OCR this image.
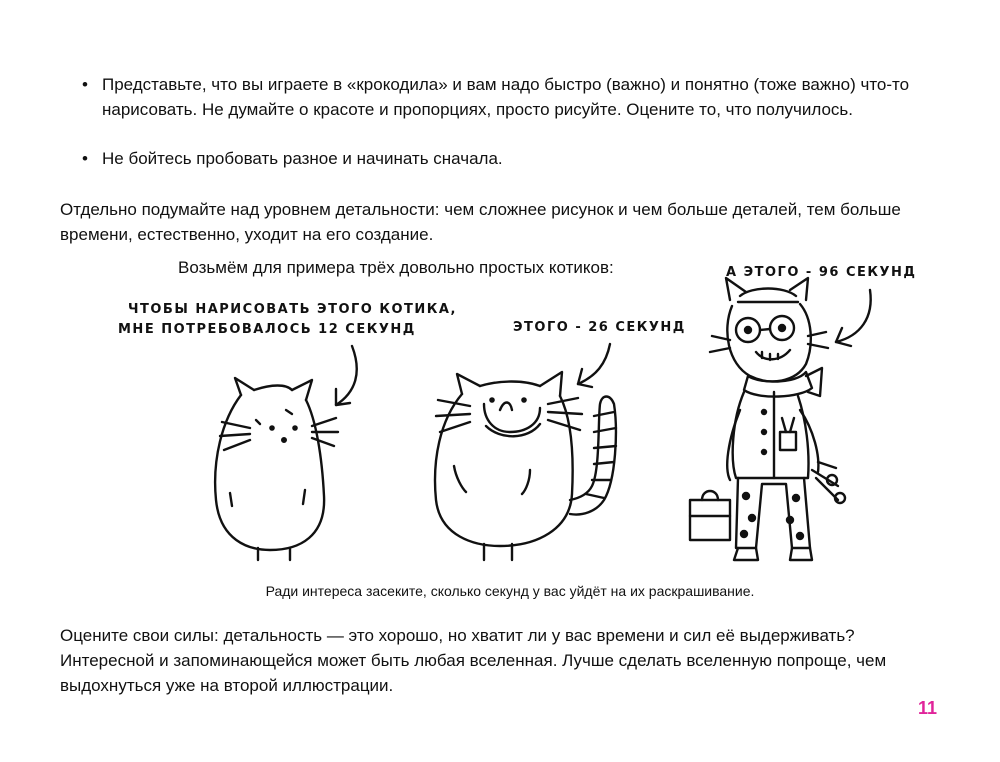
• Представьте, что вы играете в «крокодила» и вам надо быстро (важно) и понятно (тоже важно) что-то нарисовать. Не думайте о красоте и пропорциях, просто рисуйте. Оцените то, что получилось.
• Не бойтесь пробовать разное и начинать сначала.
Отдельно подумайте над уровнем детальности: чем сложнее рисунок и чем больше деталей, тем больше времени, естественно, уходит на его создание.
Возьмём для примера трёх довольно простых котиков:
ЧТОБЫ НАРИСОВАТЬ ЭТОГО КОТИКА,
МНЕ ПОТРЕБОВАЛОСЬ 12 СЕКУНД	ЭТОГО - 26 СЕКУНД
А ЭТОГО - 96 СЕКУНД
Ради интереса засеките, сколько секунд у вас уйдёт на их раскрашивание.
Оцените свои силы: детальность — это хорошо, но хватит ли у вас времени и сил её выдерживать? Интересной и запоминающейся может быть любая вселенная. Лучше сделать вселенную попроще, чем выдохнуться уже на второй иллюстрации.
11
